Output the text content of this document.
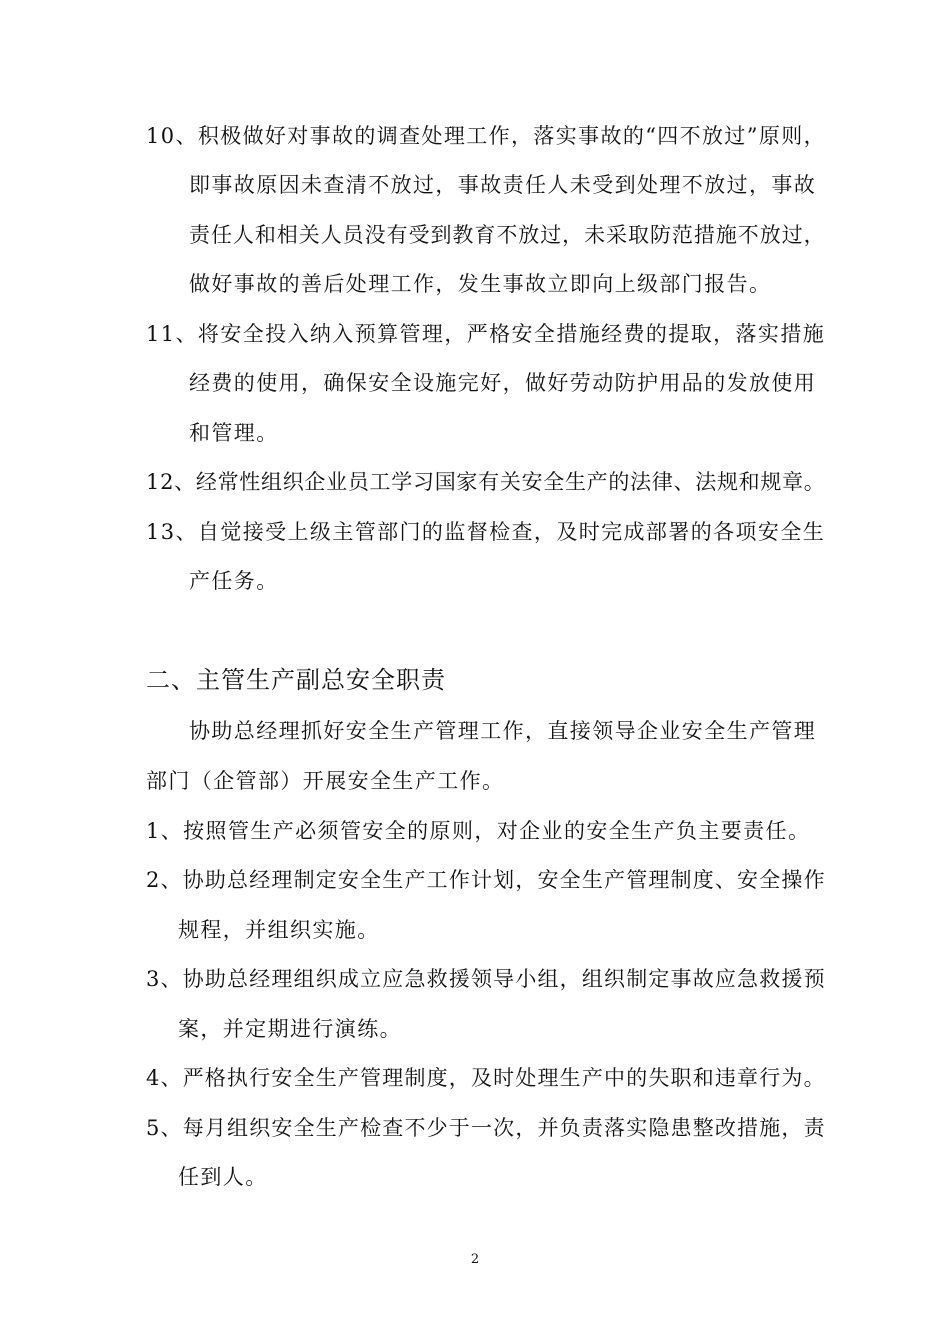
10、积极做好对事故的调查处理工作，落实事故的“四不放过”原则，
即事故原因未查清不放过，事故责任人未受到处理不放过，事故
责任人和相关人员没有受到教育不放过，未采取防范措施不放过，
做好事故的善后处理工作，发生事故立即向上级部门报告。
11、将安全投入纳入预算管理，严格安全措施经费的提取，落实措施
经费的使用，确保安全设施完好，做好劳动防护用品的发放使用
和管理。
12、经常性组织企业员工学习国家有关安全生产的法律、法规和规章。
13、自觉接受上级主管部门的监督检查，及时完成部署的各项安全生
产任务。
二、主管生产副总安全职责
协助总经理抓好安全生产管理工作，直接领导企业安全生产管理
部门（企管部）开展安全生产工作。
1、按照管生产必须管安全的原则，对企业的安全生产负主要责任。
2、协助总经理制定安全生产工作计划，安全生产管理制度、安全操作
规程，并组织实施。
3、协助总经理组织成立应急救援领导小组，组织制定事故应急救援预
案，并定期进行演练。
4、严格执行安全生产管理制度，及时处理生产中的失职和违章行为。
5、每月组织安全生产检查不少于一次，并负责落实隐患整改措施，责
任到人。
2
